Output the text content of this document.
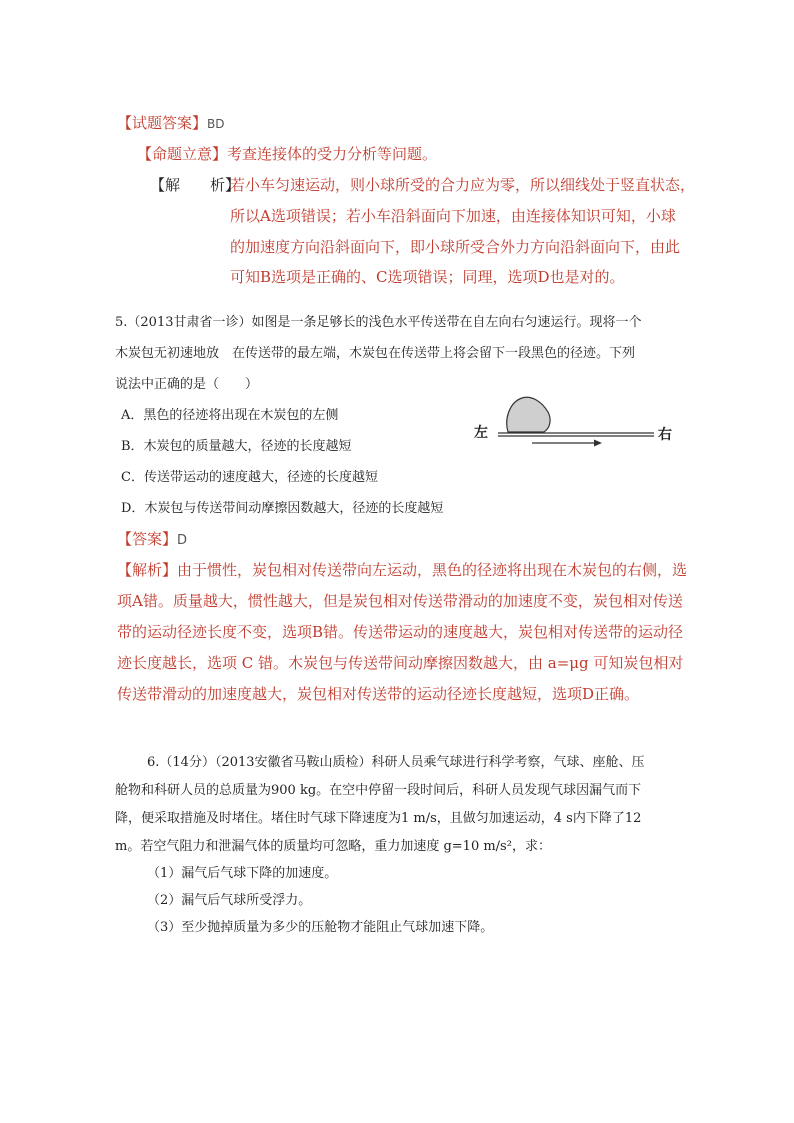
【试题答案】BD
【命题立意】考查连接体的受力分析等问题。
【解　　析】
若小车匀速运动，则小球所受的合力应为零，所以细线处于竖直状态，
所以A选项错误；若小车沿斜面向下加速，由连接体知识可知，小球
的加速度方向沿斜面向下，即小球所受合外力方向沿斜面向下，由此
可知B选项是正确的、C选项错误；同理，选项D也是对的。
5.（2013甘肃省一诊）如图是一条足够长的浅色水平传送带在自左向右匀速运行。现将一个
木炭包无初速地放　在传送带的最左端，木炭包在传送带上将会留下一段黑色的径迹。下列
说法中正确的是（　　）
A．黑色的径迹将出现在木炭包的左侧
B．木炭包的质量越大，径迹的长度越短
C．传送带运动的速度越大，径迹的长度越短
D．木炭包与传送带间动摩擦因数越大，径迹的长度越短
左	右
【答案】D
【解析】由于惯性，炭包相对传送带向左运动，黑色的径迹将出现在木炭包的右侧，选
项A错。质量越大，惯性越大，但是炭包相对传送带滑动的加速度不变，炭包相对传送
带的运动径迹长度不变，选项B错。传送带运动的速度越大，炭包相对传送带的运动径
迹长度越长，选项 C 错。木炭包与传送带间动摩擦因数越大，由 a=μg 可知炭包相对
传送带滑动的加速度越大，炭包相对传送带的运动径迹长度越短，选项D正确。
6.（14分）（2013安徽省马鞍山质检）科研人员乘气球进行科学考察，气球、座舱、压
舱物和科研人员的总质量为900 kg。在空中停留一段时间后，科研人员发现气球因漏气而下
降，便采取措施及时堵住。堵住时气球下降速度为1 m/s，且做匀加速运动，4 s内下降了12
m。若空气阻力和泄漏气体的质量均可忽略，重力加速度 g=10 m/s²，求：
（1）漏气后气球下降的加速度。
（2）漏气后气球所受浮力。
（3）至少抛掉质量为多少的压舱物才能阻止气球加速下降。
